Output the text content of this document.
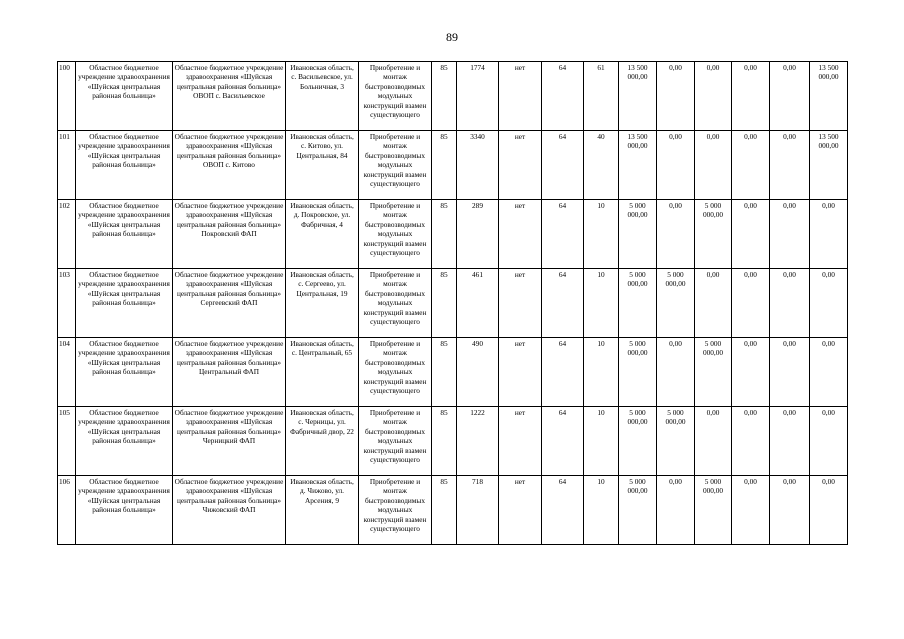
89
100	Областное бюджетное учреждение здравоохранения «Шуйская центральная районная больница»	Областное бюджетное учреждение здравоохранения «Шуйская центральная районная больница» ОВОП с. Васильевское	Ивановская область, с. Васильевское, ул. Больничная, 3	Приобретение и монтаж быстровозводимых модульных конструкций взамен существующего	85	1774	нет	64	61	13 500 000,00	0,00	0,00	0,00	0,00	13 500 000,00

101	Областное бюджетное учреждение здравоохранения «Шуйская центральная районная больница»	Областное бюджетное учреждение здравоохранения «Шуйская центральная районная больница» ОВОП с. Китово	Ивановская область, с. Китово, ул. Центральная, 84	Приобретение и монтаж быстровозводимых модульных конструкций взамен существующего	85	3340	нет	64	40	13 500 000,00	0,00	0,00	0,00	0,00	13 500 000,00

102	Областное бюджетное учреждение здравоохранения «Шуйская центральная районная больница»	Областное бюджетное учреждение здравоохранения «Шуйская центральная районная больница» Покровский ФАП	Ивановская область, д. Покровское, ул. Фабричная, 4	Приобретение и монтаж быстровозводимых модульных конструкций взамен существующего	85	289	нет	64	10	5 000 000,00	0,00	5 000 000,00	0,00	0,00	0,00

103	Областное бюджетное учреждение здравоохранения «Шуйская центральная районная больница»	Областное бюджетное учреждение здравоохранения «Шуйская центральная районная больница» Сергеевский ФАП	Ивановская область, с. Сергеево, ул. Центральная, 19	Приобретение и монтаж быстровозводимых модульных конструкций взамен существующего	85	461	нет	64	10	5 000 000,00	5 000 000,00	0,00	0,00	0,00	0,00

104	Областное бюджетное учреждение здравоохранения «Шуйская центральная районная больница»	Областное бюджетное учреждение здравоохранения «Шуйская центральная районная больница» Центральный ФАП	Ивановская область, с. Центральный, 65	Приобретение и монтаж быстровозводимых модульных конструкций взамен существующего	85	490	нет	64	10	5 000 000,00	0,00	5 000 000,00	0,00	0,00	0,00

105	Областное бюджетное учреждение здравоохранения «Шуйская центральная районная больница»	Областное бюджетное учреждение здравоохранения «Шуйская центральная районная больница» Черницкий ФАП	Ивановская область, с. Черницы, ул. Фабричный двор, 22	Приобретение и монтаж быстровозводимых модульных конструкций взамен существующего	85	1222	нет	64	10	5 000 000,00	5 000 000,00	0,00	0,00	0,00	0,00

106	Областное бюджетное учреждение здравоохранения «Шуйская центральная районная больница»	Областное бюджетное учреждение здравоохранения «Шуйская центральная районная больница» Чижовский ФАП	Ивановская область, д. Чижово, ул. Арсения, 9	Приобретение и монтаж быстровозводимых модульных конструкций взамен существующего	85	718	нет	64	10	5 000 000,00	0,00	5 000 000,00	0,00	0,00	0,00
